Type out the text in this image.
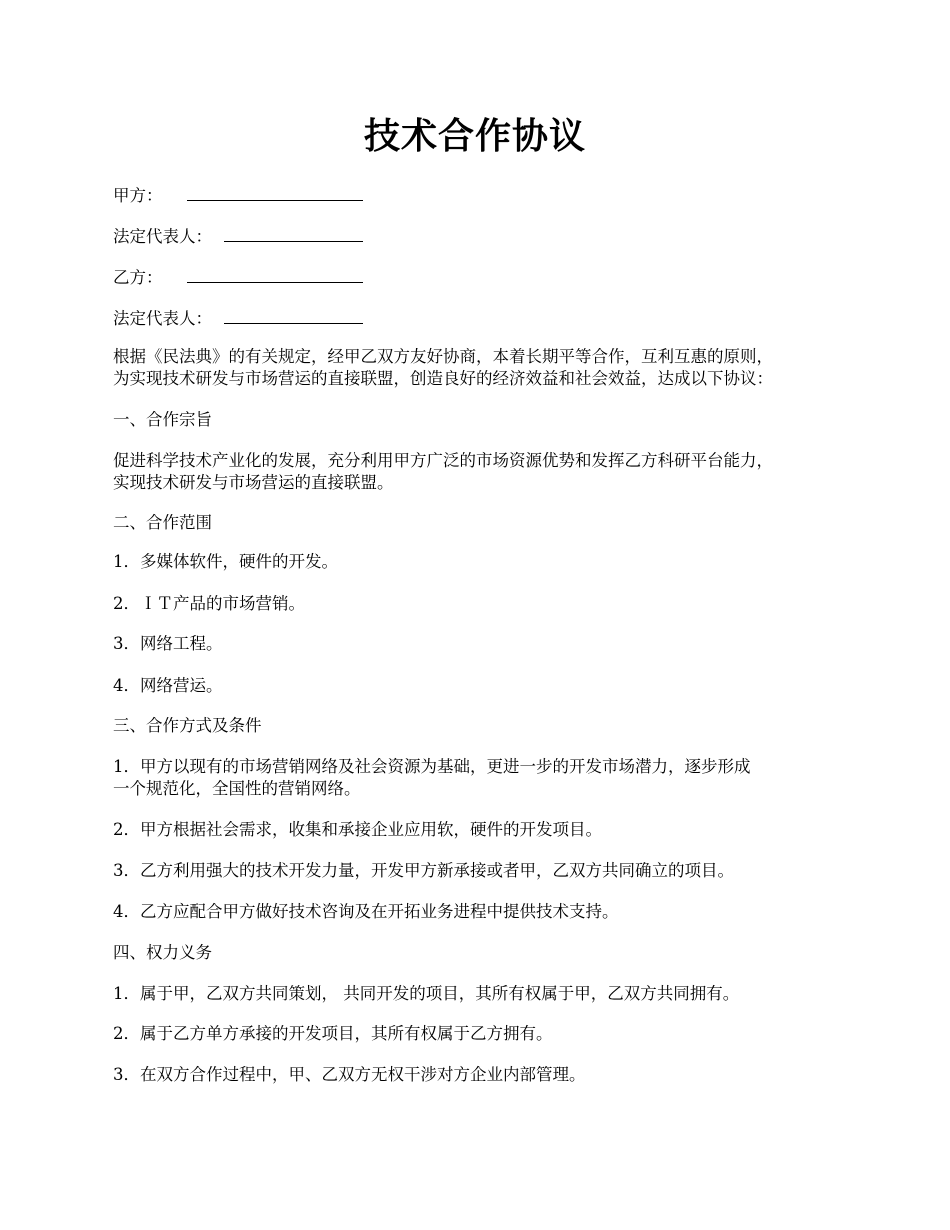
技术合作协议
甲方：
法定代表人：
乙方：
法定代表人：
根据《民法典》的有关规定，经甲乙双方友好协商，本着长期平等合作，互利互惠的原则，
为实现技术研发与市场营运的直接联盟，创造良好的经济效益和社会效益，达成以下协议：
一、合作宗旨
促进科学技术产业化的发展，充分利用甲方广泛的市场资源优势和发挥乙方科研平台能力，
实现技术研发与市场营运的直接联盟。
二、合作范围
1．多媒体软件，硬件的开发。
2．ＩＴ产品的市场营销。
3．网络工程。
4．网络营运。
三、合作方式及条件
1．甲方以现有的市场营销网络及社会资源为基础，更进一步的开发市场潜力，逐步形成
一个规范化，全国性的营销网络。
2．甲方根据社会需求，收集和承接企业应用软，硬件的开发项目。
3．乙方利用强大的技术开发力量，开发甲方新承接或者甲，乙双方共同确立的项目。
4．乙方应配合甲方做好技术咨询及在开拓业务进程中提供技术支持。
四、权力义务
1．属于甲，乙双方共同策划， 共同开发的项目，其所有权属于甲，乙双方共同拥有。
2．属于乙方单方承接的开发项目，其所有权属于乙方拥有。
3．在双方合作过程中，甲、乙双方无权干涉对方企业内部管理。
